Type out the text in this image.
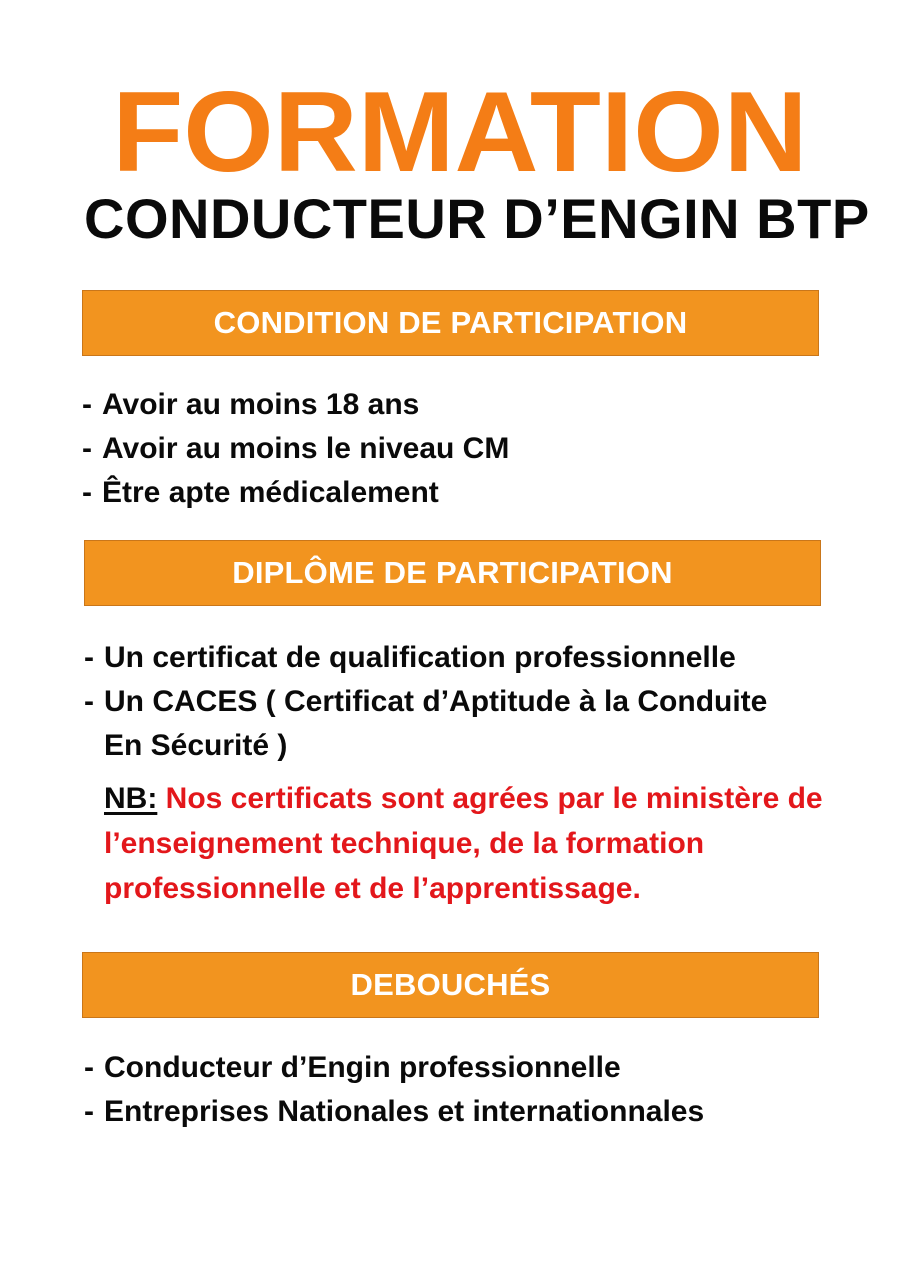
FORMATION
CONDUCTEUR D’ENGIN BTP
CONDITION DE PARTICIPATION
- Avoir au moins 18 ans
- Avoir au moins le niveau CM
- Être apte médicalement
DIPLÔME DE PARTICIPATION
- Un certificat de qualification professionnelle
- Un CACES ( Certificat d’Aptitude à la Conduite En Sécurité )
NB: Nos certificats sont agrées par le ministère de l’enseignement technique, de la formation professionnelle et de l’apprentissage.
DEBOUCHÉS
- Conducteur d’Engin professionnelle
- Entreprises Nationales et internationnales
